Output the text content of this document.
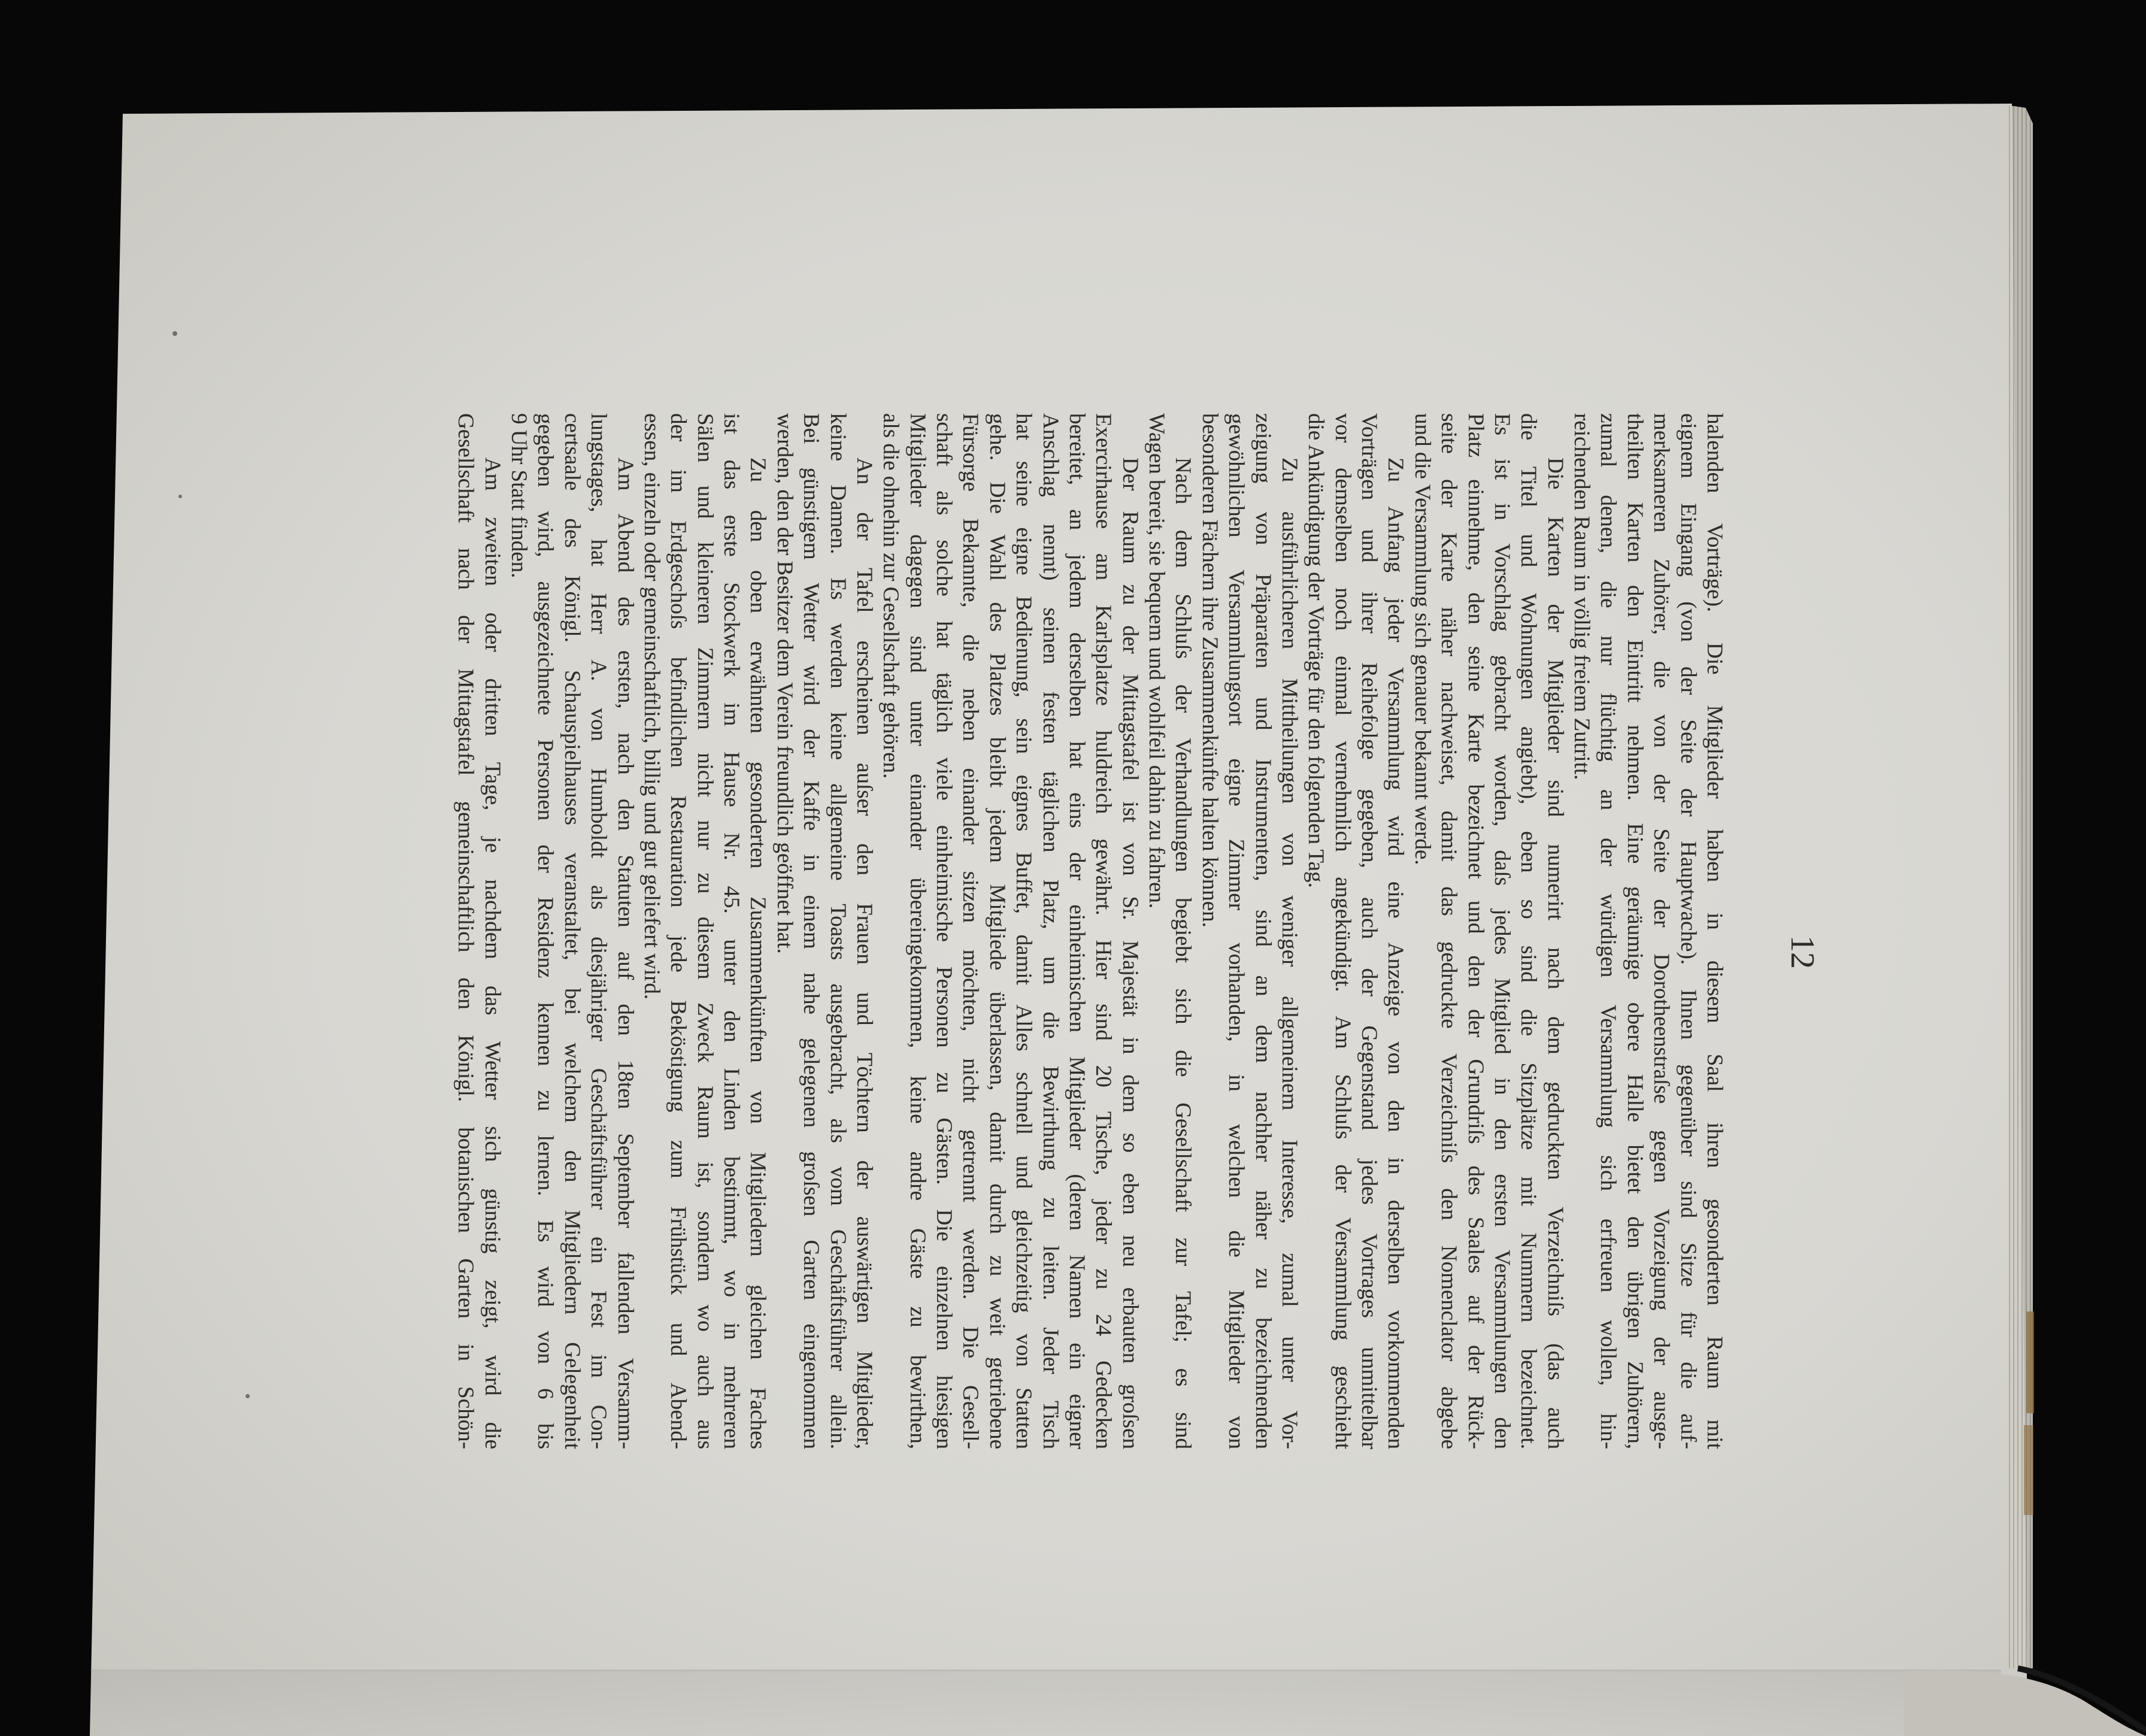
12
halenden Vorträge). Die Mitglieder haben in diesem Saal ihren gesonderten Raum mit
eignem Eingang (von der Seite der Hauptwache). Ihnen gegenüber sind Sitze für die auf-
merksameren Zuhörer, die von der Seite der Dorotheenstraſse gegen Vorzeigung der ausge-
theilten Karten den Eintritt nehmen. Eine geräumige obere Halle bietet den übrigen Zuhörern,
zumal denen, die nur flüchtig an der würdigen Versammlung sich erfreuen wollen, hin-
reichenden Raum in völlig freiem Zutritt.
Die Karten der Mitglieder sind numerirt nach dem gedruckten Verzeichniſs (das auch
die Titel und Wohnungen angiebt), eben so sind die Sitzplätze mit Nummern bezeichnet.
Es ist in Vorschlag gebracht worden, daſs jedes Mitglied in den ersten Versammlungen den
Platz einnehme, den seine Karte bezeichnet und den der Grundriſs des Saales auf der Rück-
seite der Karte näher nachweiset, damit das gedruckte Verzeichniſs den Nomenclator abgebe
und die Versammlung sich genauer bekannt werde.
Zu Anfang jeder Versammlung wird eine Anzeige von den in derselben vorkommenden
Vorträgen und ihrer Reihefolge gegeben, auch der Gegenstand jedes Vortrages unmittelbar
vor demselben noch einmal vernehmlich angekündigt. Am Schluſs der Versammlung geschieht
die Ankündigung der Vorträge für den folgenden Tag.
Zu ausführlicheren Mittheilungen von weniger allgemeinem Interesse, zumal unter Vor-
zeigung von Präparaten und Instrumenten, sind an dem nachher näher zu bezeichnenden
gewöhnlichen Versammlungsort eigne Zimmer vorhanden, in welchen die Mitglieder von
besonderen Fächern ihre Zusammenkünfte halten können.
Nach dem Schluſs der Verhandlungen begiebt sich die Gesellschaft zur Tafel; es sind
Wagen bereit, sie bequem und wohlfeil dahin zu fahren.
Der Raum zu der Mittagstafel ist von Sr. Majestät in dem so eben neu erbauten groſsen
Exercirhause am Karlsplatze huldreich gewährt. Hier sind 20 Tische, jeder zu 24 Gedecken
bereitet, an jedem derselben hat eins der einheimischen Mitglieder (deren Namen ein eigner
Anschlag nennt) seinen festen täglichen Platz, um die Bewirthung zu leiten. Jeder Tisch
hat seine eigne Bedienung, sein eignes Buffet, damit Alles schnell und gleichzeitig von Statten
gehe. Die Wahl des Platzes bleibt jedem Mitgliede überlassen, damit durch zu weit getriebene
Fürsorge Bekannte, die neben einander sitzen möchten, nicht getrennt werden. Die Gesell-
schaft als solche hat täglich viele einheimische Personen zu Gästen. Die einzelnen hiesigen
Mitglieder dagegen sind unter einander übereingekommen, keine andre Gäste zu bewirthen,
als die ohnehin zur Gesellschaft gehören.
An der Tafel erscheinen auſser den Frauen und Töchtern der auswärtigen Mitglieder,
keine Damen. Es werden keine allgemeine Toasts ausgebracht, als vom Geschäftsführer allein.
Bei günstigem Wetter wird der Kaffe in einem nahe gelegenen groſsen Garten eingenommen
werden, den der Besitzer dem Verein freundlich geöffnet hat.
Zu den oben erwähnten gesonderten Zusammenkünften von Mitgliedern gleichen Faches
ist das erste Stockwerk im Hause Nr. 45. unter den Linden bestimmt, wo in mehreren
Sälen und kleineren Zimmern nicht nur zu diesem Zweck Raum ist, sondern wo auch aus
der im Erdgeschoſs befindlichen Restauration jede Beköstigung zum Frühstück und Abend-
essen, einzeln oder gemeinschaftlich, billig und gut geliefert wird.
Am Abend des ersten, nach den Statuten auf den 18ten September fallenden Versamm-
lungstages, hat Herr A. von Humboldt als diesjähriger Geschäftsführer ein Fest im Con-
certsaale des Königl. Schauspielhauses veranstaltet, bei welchem den Mitgliedern Gelegenheit
gegeben wird, ausgezeichnete Personen der Residenz kennen zu lernen. Es wird von 6 bis
9 Uhr Statt finden.
Am zweiten oder dritten Tage, je nachdem das Wetter sich günstig zeigt, wird die
Gesellschaft nach der Mittagstafel gemeinschaftlich den Königl. botanischen Garten in Schön-
